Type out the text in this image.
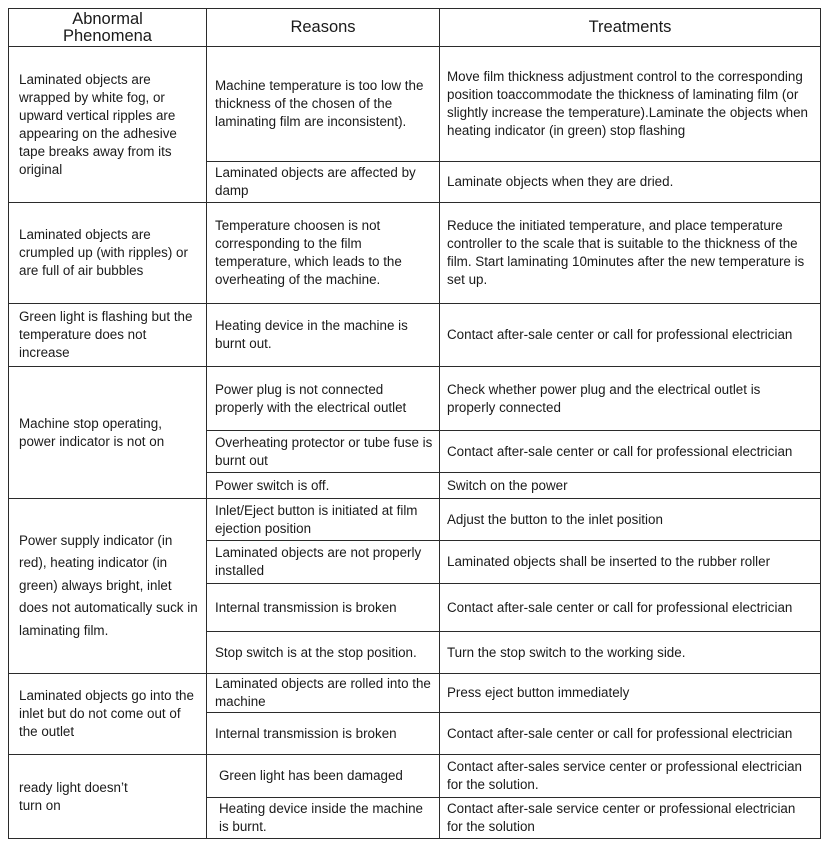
Abnormal Phenomena	Reasons	Treatments
Laminated objects are wrapped by white fog, or upward vertical ripples are appearing on the adhesive tape breaks away from its original	Machine temperature is too low the thickness of the chosen of the laminating film are inconsistent).	Move film thickness adjustment control to the corresponding position toaccommodate the thickness of laminating film (or slightly increase the temperature).Laminate the objects when heating indicator (in green) stop flashing
	Laminated objects are affected by damp	Laminate objects when they are dried.
Laminated objects are crumpled up (with ripples) or are full of air bubbles	Temperature choosen is not corresponding to the film temperature, which leads to the overheating of the machine.	Reduce the initiated temperature, and place temperature controller to the scale that is suitable to the thickness of the film. Start laminating 10minutes after the new temperature is set up.
Green light is flashing but the temperature does not increase	Heating device in the machine is burnt out.	Contact after-sale center or call for professional electrician
Machine stop operating, power indicator is not on	Power plug is not connected properly with the electrical outlet	Check whether power plug and the electrical outlet is properly connected
	Overheating protector or tube fuse is burnt out	Contact after-sale center or call for professional electrician
	Power switch is off.	Switch on the power
Power supply indicator (in red), heating indicator (in green) always bright, inlet does not automatically suck in laminating film.	Inlet/Eject button is initiated at film ejection position	Adjust the button to the inlet position
	Laminated objects are not properly installed	Laminated objects shall be inserted to the rubber roller
	Internal transmission is broken	Contact after-sale center or call for professional electrician
	Stop switch is at the stop position.	Turn the stop switch to the working side.
Laminated objects go into the inlet but do not come out of the outlet	Laminated objects are rolled into the machine	Press eject button immediately
	Internal transmission is broken	Contact after-sale center or call for professional electrician
ready light doesn’t turn on	Green light has been damaged	Contact after-sales service center or professional electrician for the solution.
	Heating device inside the machine is burnt.	Contact after-sale service center or professional electrician for the solution
